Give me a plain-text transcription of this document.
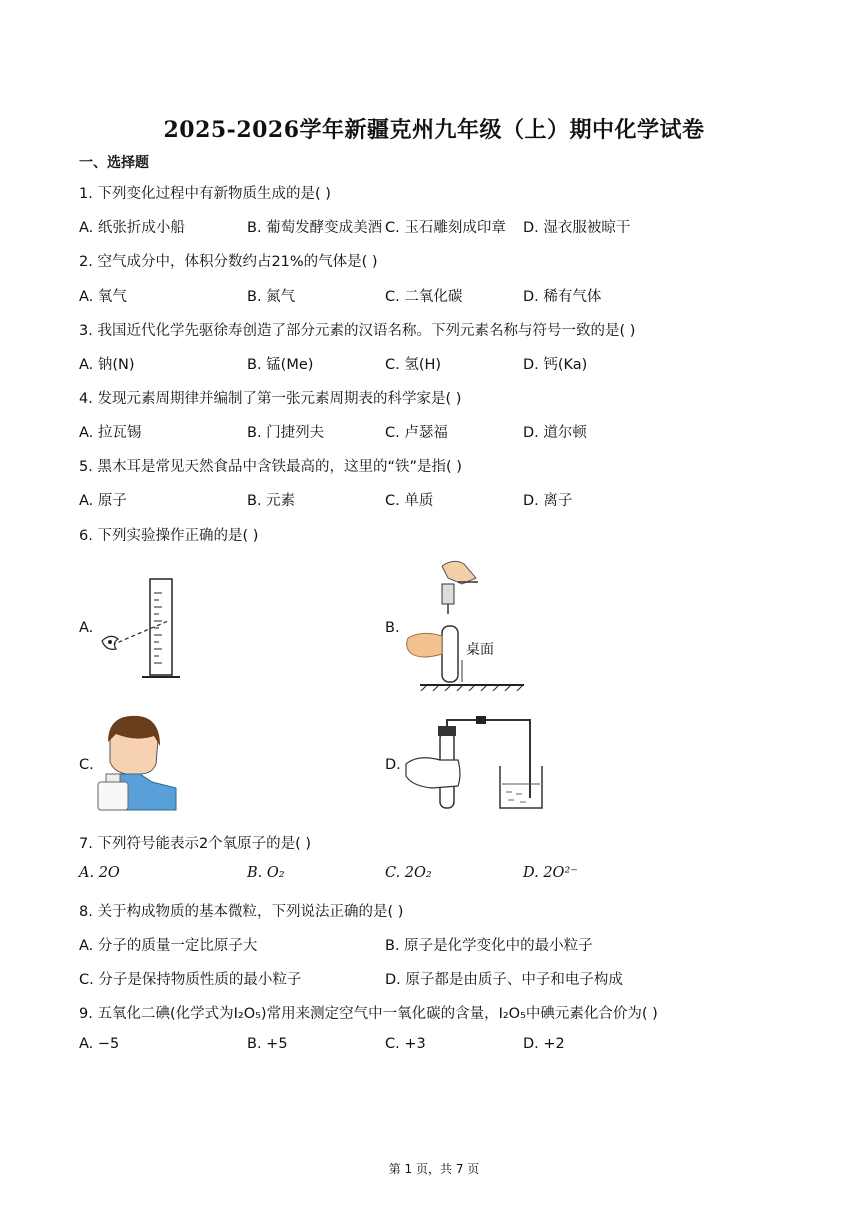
2025-2026学年新疆克州九年级（上）期中化学试卷
一、选择题
1. 下列变化过程中有新物质生成的是( )
A. 纸张折成小船	B. 葡萄发酵变成美酒 C. 玉石雕刻成印章 D. 湿衣服被晾干
2. 空气成分中，体积分数约占21%的气体是( )
A. 氧气	B. 氮气	C. 二氧化碳	D. 稀有气体
3. 我国近代化学先驱徐寿创造了部分元素的汉语名称。下列元素名称与符号一致的是( )
A. 钠(N)	B. 锰(Me)	C. 氢(H)	D. 钙(Ka)
4. 发现元素周期律并编制了第一张元素周期表的科学家是( )
A. 拉瓦锡	B. 门捷列夫	C. 卢瑟福	D. 道尔顿
5. 黑木耳是常见天然食品中含铁最高的，这里的“铁”是指( )
A. 原子	B. 元素	C. 单质	D. 离子
6. 下列实验操作正确的是( )
A.	B.
桌面
C.	D.
7. 下列符号能表示2个氧原子的是( )
A. 2O	B. O₂	C. 2O₂	D. 2O²⁻
8. 关于构成物质的基本微粒，下列说法正确的是( )
A. 分子的质量一定比原子大	B. 原子是化学变化中的最小粒子
C. 分子是保持物质性质的最小粒子	D. 原子都是由质子、中子和电子构成
9. 五氧化二碘(化学式为I₂O₅)常用来测定空气中一氧化碳的含量，I₂O₅中碘元素化合价为( )
A. −5	B. +5	C. +3	D. +2
第 1 页，共 7 页
